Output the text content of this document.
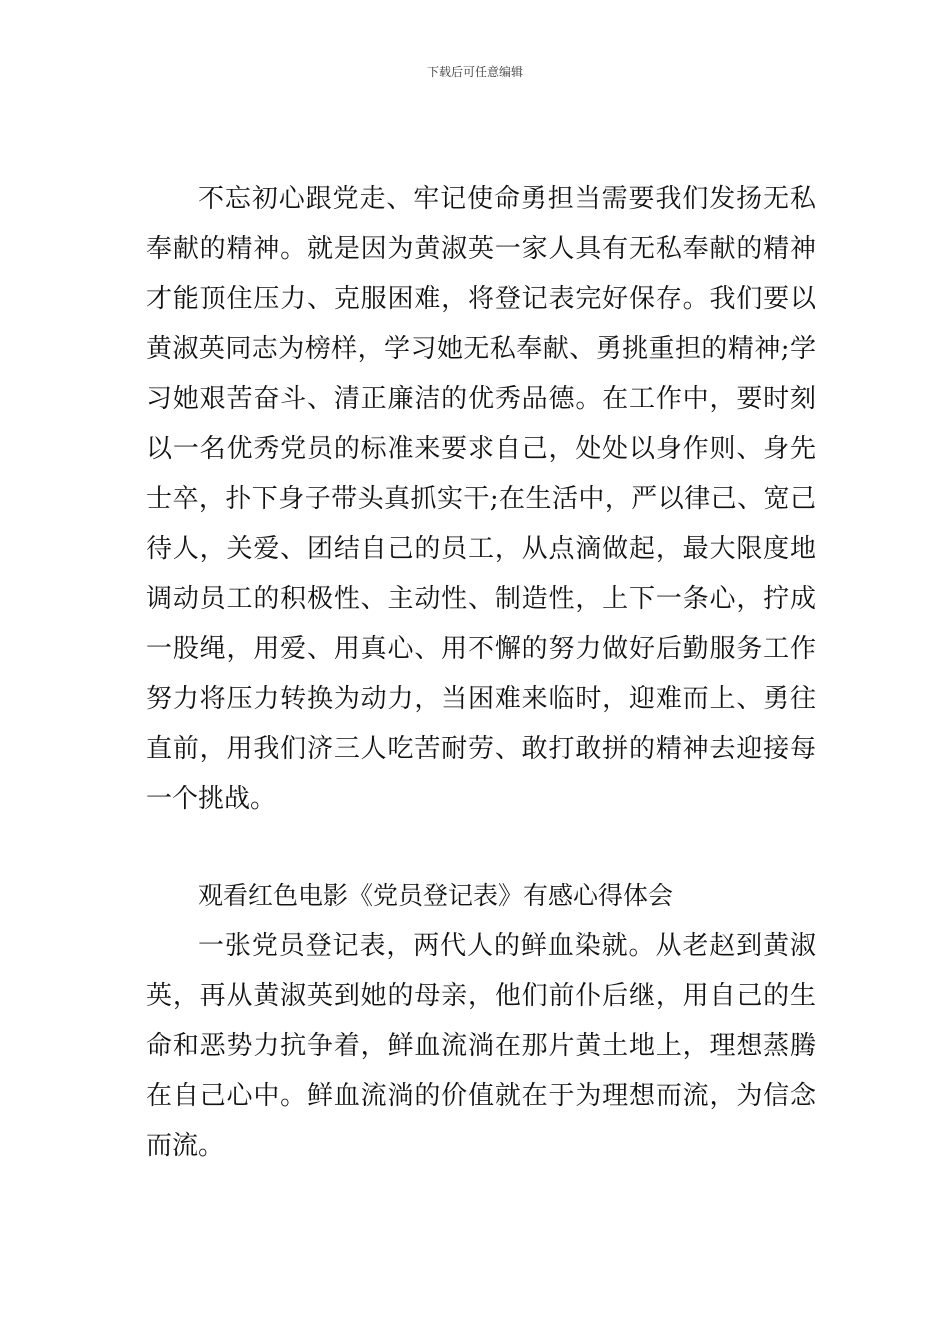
下载后可任意编辑
不忘初心跟党走、牢记使命勇担当需要我们发扬无私
奉献的精神。就是因为黄淑英一家人具有无私奉献的精神
才能顶住压力、克服困难，将登记表完好保存。我们要以
黄淑英同志为榜样，学习她无私奉献、勇挑重担的精神;学
习她艰苦奋斗、清正廉洁的优秀品德。在工作中，要时刻
以一名优秀党员的标准来要求自己，处处以身作则、身先
士卒，扑下身子带头真抓实干;在生活中，严以律己、宽己
待人，关爱、团结自己的员工，从点滴做起，最大限度地
调动员工的积极性、主动性、制造性，上下一条心，拧成
一股绳，用爱、用真心、用不懈的努力做好后勤服务工作
努力将压力转换为动力，当困难来临时，迎难而上、勇往
直前，用我们济三人吃苦耐劳、敢打敢拼的精神去迎接每
一个挑战。
观看红色电影《党员登记表》有感心得体会
一张党员登记表，两代人的鲜血染就。从老赵到黄淑
英，再从黄淑英到她的母亲，他们前仆后继，用自己的生
命和恶势力抗争着，鲜血流淌在那片黄土地上，理想蒸腾
在自己心中。鲜血流淌的价值就在于为理想而流，为信念
而流。
